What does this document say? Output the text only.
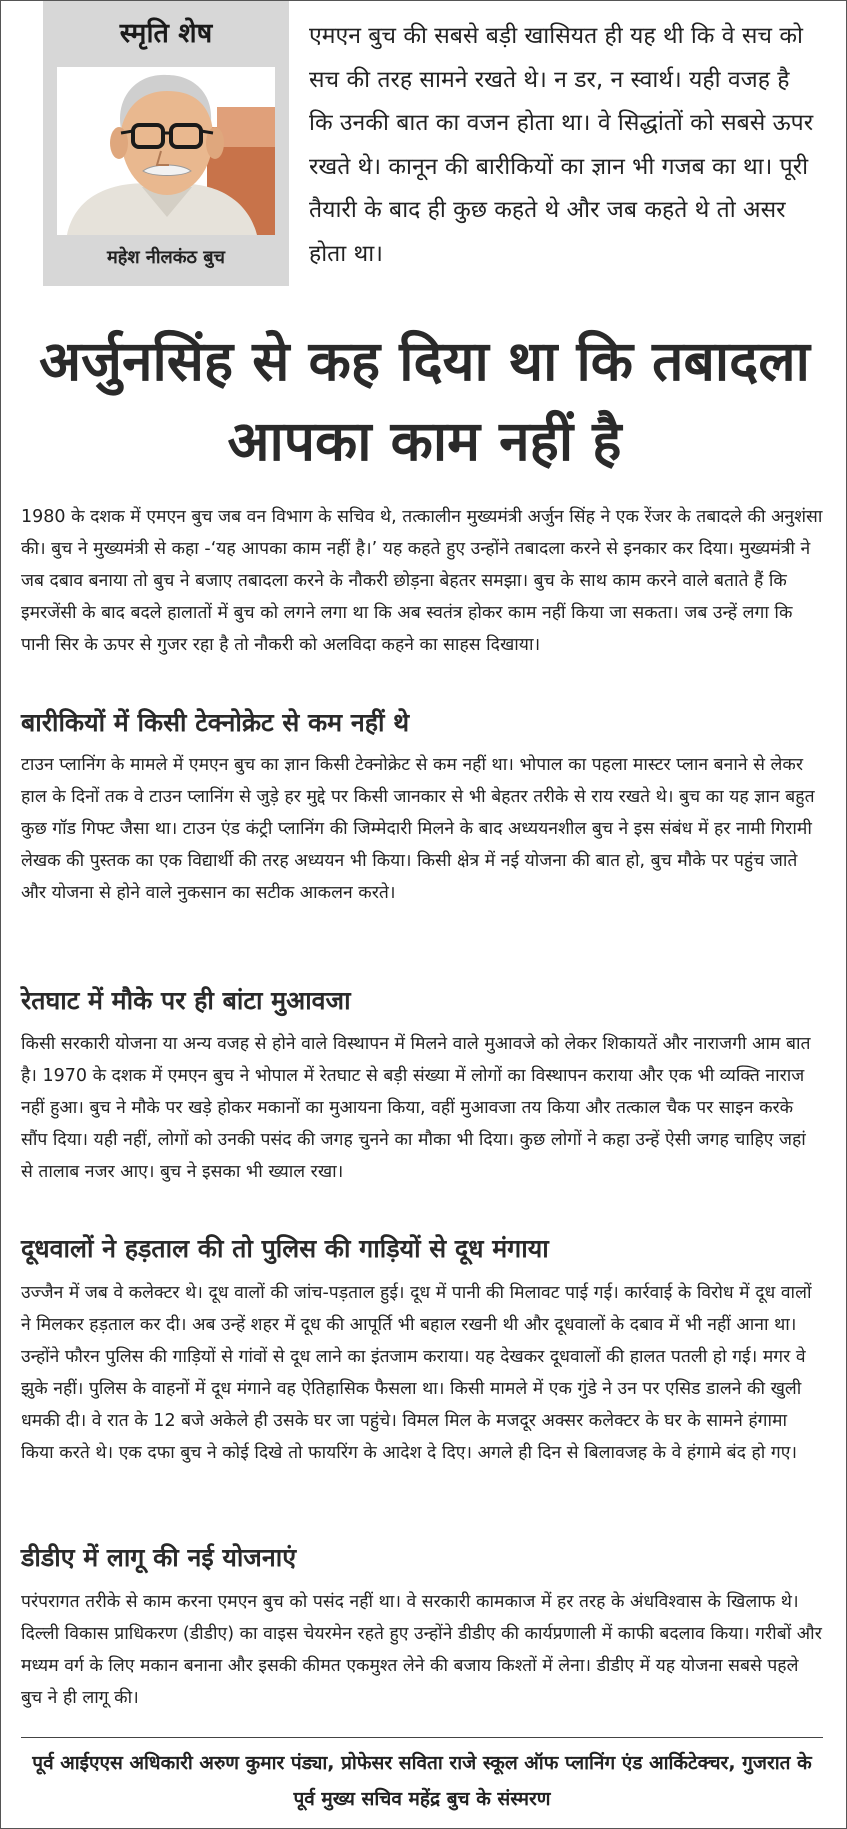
स्मृति शेष
महेश नीलकंठ बुच

एमएन बुच की सबसे बड़ी खासियत ही यह थी कि वे सच को सच की तरह सामने रखते थे। न डर, न स्वार्थ। यही वजह है कि उनकी बात का वजन होता था। वे सिद्धांतों को सबसे ऊपर रखते थे। कानून की बारीकियों का ज्ञान भी गजब का था। पूरी तैयारी के बाद ही कुछ कहते थे और जब कहते थे तो असर होता था।

अर्जुनसिंह से कह दिया था कि तबादला आपका काम नहीं है

1980 के दशक में एमएन बुच जब वन विभाग के सचिव थे, तत्कालीन मुख्यमंत्री अर्जुन सिंह ने एक रेंजर के तबादले की अनुशंसा की। बुच ने मुख्यमंत्री से कहा -‘यह आपका काम नहीं है।’ यह कहते हुए उन्होंने तबादला करने से इनकार कर दिया। मुख्यमंत्री ने जब दबाव बनाया तो बुच ने बजाए तबादला करने के नौकरी छोड़ना बेहतर समझा। बुच के साथ काम करने वाले बताते हैं कि इमरजेंसी के बाद बदले हालातों में बुच को लगने लगा था कि अब स्वतंत्र होकर काम नहीं किया जा सकता। जब उन्हें लगा कि पानी सिर के ऊपर से गुजर रहा है तो नौकरी को अलविदा कहने का साहस दिखाया।

बारीकियों में किसी टेक्नोक्रेट से कम नहीं थे

टाउन प्लानिंग के मामले में एमएन बुच का ज्ञान किसी टेक्नोक्रेट से कम नहीं था। भोपाल का पहला मास्टर प्लान बनाने से लेकर हाल के दिनों तक वे टाउन प्लानिंग से जुड़े हर मुद्दे पर किसी जानकार से भी बेहतर तरीके से राय रखते थे। बुच का यह ज्ञान बहुत कुछ गॉड गिफ्ट जैसा था। टाउन एंड कंट्री प्लानिंग की जिम्मेदारी मिलने के बाद अध्ययनशील बुच ने इस संबंध में हर नामी गिरामी लेखक की पुस्तक का एक विद्यार्थी की तरह अध्ययन भी किया। किसी क्षेत्र में नई योजना की बात हो, बुच मौके पर पहुंच जाते और योजना से होने वाले नुकसान का सटीक आकलन करते।

रेतघाट में मौके पर ही बांटा मुआवजा

किसी सरकारी योजना या अन्य वजह से होने वाले विस्थापन में मिलने वाले मुआवजे को लेकर शिकायतें और नाराजगी आम बात है। 1970 के दशक में एमएन बुच ने भोपाल में रेतघाट से बड़ी संख्या में लोगों का विस्थापन कराया और एक भी व्यक्ति नाराज नहीं हुआ। बुच ने मौके पर खड़े होकर मकानों का मुआयना किया, वहीं मुआवजा तय किया और तत्काल चैक पर साइन करके सौंप दिया। यही नहीं, लोगों को उनकी पसंद की जगह चुनने का मौका भी दिया। कुछ लोगों ने कहा उन्हें ऐसी जगह चाहिए जहां से तालाब नजर आए। बुच ने इसका भी ख्याल रखा।

दूधवालों ने हड़ताल की तो पुलिस की गाड़ियों से दूध मंगाया

उज्जैन में जब वे कलेक्टर थे। दूध वालों की जांच-पड़ताल हुई। दूध में पानी की मिलावट पाई गई। कार्रवाई के विरोध में दूध वालों ने मिलकर हड़ताल कर दी। अब उन्हें शहर में दूध की आपूर्ति भी बहाल रखनी थी और दूधवालों के दबाव में भी नहीं आना था। उन्होंने फौरन पुलिस की गाड़ियों से गांवों से दूध लाने का इंतजाम कराया। यह देखकर दूधवालों की हालत पतली हो गई। मगर वे झुके नहीं। पुलिस के वाहनों में दूध मंगाने वह ऐतिहासिक फैसला था। किसी मामले में एक गुंडे ने उन पर एसिड डालने की खुली धमकी दी। वे रात के 12 बजे अकेले ही उसके घर जा पहुंचे। विमल मिल के मजदूर अक्सर कलेक्टर के घर के सामने हंगामा किया करते थे। एक दफा बुच ने कोई दिखे तो फायरिंग के आदेश दे दिए। अगले ही दिन से बिलावजह के वे हंगामे बंद हो गए।

डीडीए में लागू की नई योजनाएं

परंपरागत तरीके से काम करना एमएन बुच को पसंद नहीं था। वे सरकारी कामकाज में हर तरह के अंधविश्वास के खिलाफ थे। दिल्ली विकास प्राधिकरण (डीडीए) का वाइस चेयरमेन रहते हुए उन्होंने डीडीए की कार्यप्रणाली में काफी बदलाव किया। गरीबों और मध्यम वर्ग के लिए मकान बनाना और इसकी कीमत एकमुश्त लेने की बजाय किश्तों में लेना। डीडीए में यह योजना सबसे पहले बुच ने ही लागू की।

पूर्व आईएएस अधिकारी अरुण कुमार पंड्या, प्रोफेसर सविता राजे स्कूल ऑफ प्लानिंग एंड आर्किटेक्चर, गुजरात के पूर्व मुख्य सचिव महेंद्र बुच के संस्मरण
